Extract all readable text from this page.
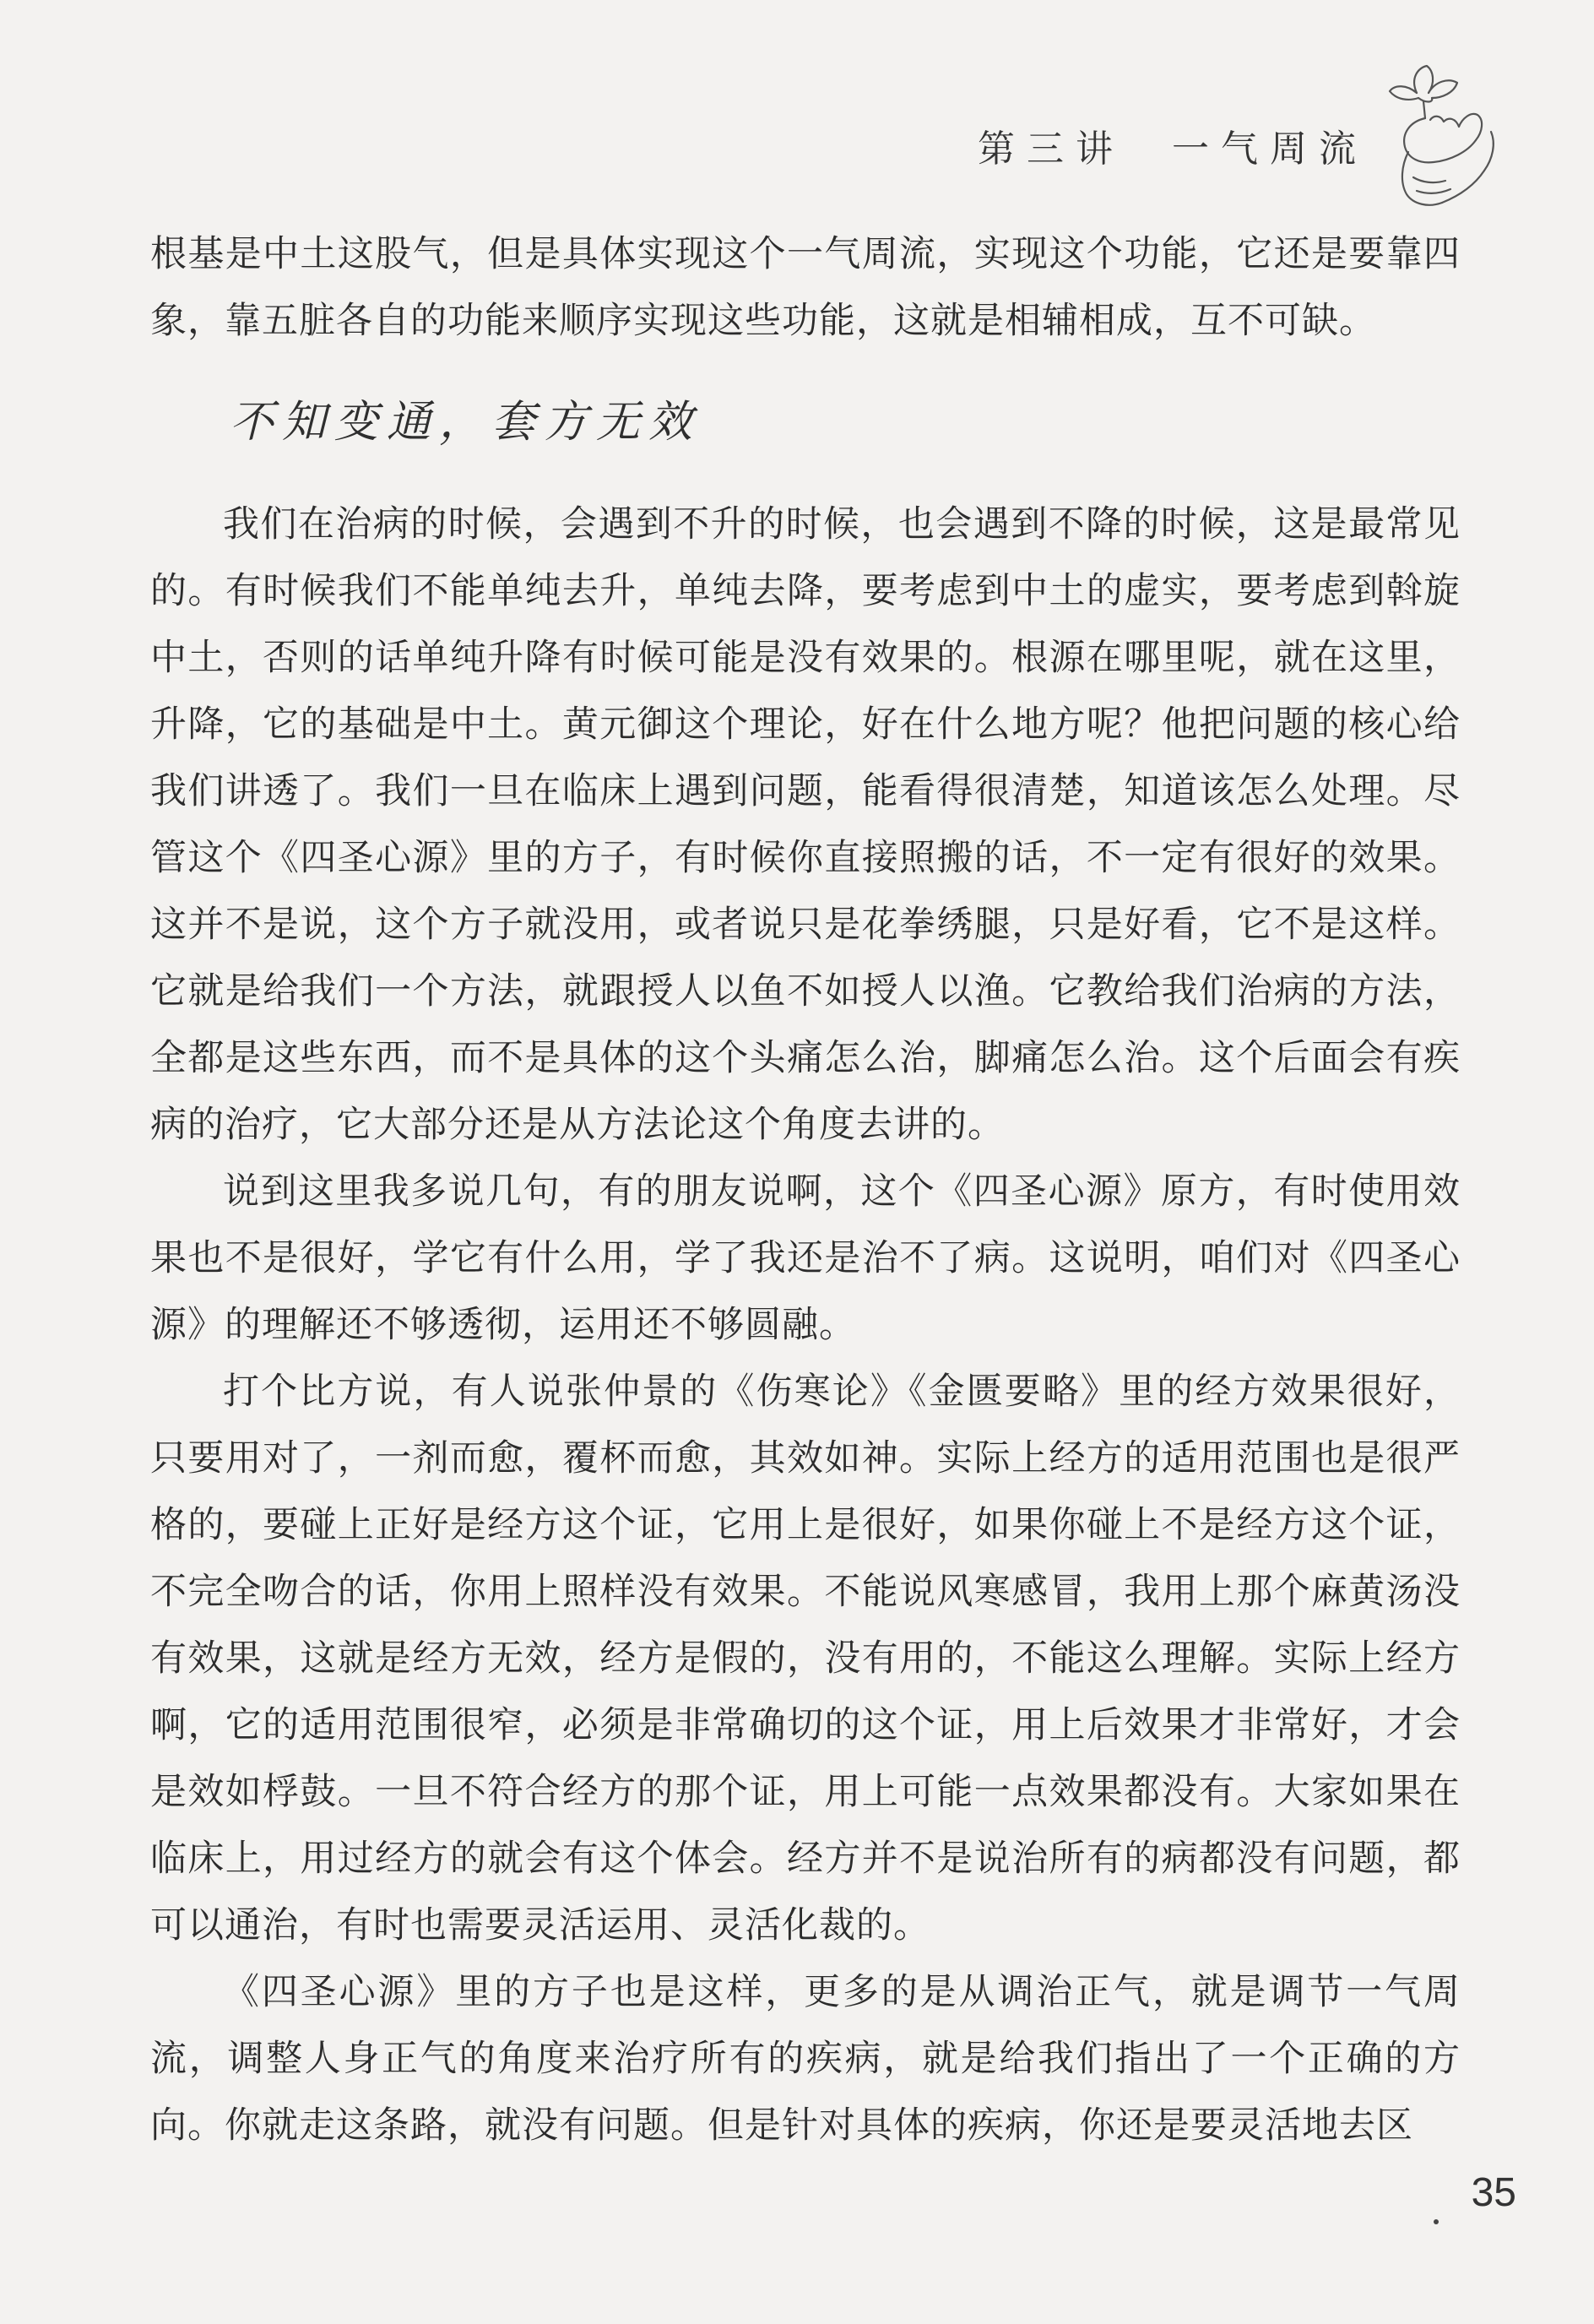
第三讲 一气周流

根基是中土这股气，但是具体实现这个一气周流，实现这个功能，它还是要靠四象，靠五脏各自的功能来顺序实现这些功能，这就是相辅相成，互不可缺。

不知变通，套方无效

我们在治病的时候，会遇到不升的时候，也会遇到不降的时候，这是最常见的。有时候我们不能单纯去升，单纯去降，要考虑到中土的虚实，要考虑到斡旋中土，否则的话单纯升降有时候可能是没有效果的。根源在哪里呢，就在这里，升降，它的基础是中土。黄元御这个理论，好在什么地方呢？他把问题的核心给我们讲透了。我们一旦在临床上遇到问题，能看得很清楚，知道该怎么处理。尽管这个《四圣心源》里的方子，有时候你直接照搬的话，不一定有很好的效果。这并不是说，这个方子就没用，或者说只是花拳绣腿，只是好看，它不是这样。它就是给我们一个方法，就跟授人以鱼不如授人以渔。它教给我们治病的方法，全都是这些东西，而不是具体的这个头痛怎么治，脚痛怎么治。这个后面会有疾病的治疗，它大部分还是从方法论这个角度去讲的。

说到这里我多说几句，有的朋友说啊，这个《四圣心源》原方，有时使用效果也不是很好，学它有什么用，学了我还是治不了病。这说明，咱们对《四圣心源》的理解还不够透彻，运用还不够圆融。

打个比方说，有人说张仲景的《伤寒论》《金匮要略》里的经方效果很好，只要用对了，一剂而愈，覆杯而愈，其效如神。实际上经方的适用范围也是很严格的，要碰上正好是经方这个证，它用上是很好，如果你碰上不是经方这个证，不完全吻合的话，你用上照样没有效果。不能说风寒感冒，我用上那个麻黄汤没有效果，这就是经方无效，经方是假的，没有用的，不能这么理解。实际上经方啊，它的适用范围很窄，必须是非常确切的这个证，用上后效果才非常好，才会是效如桴鼓。一旦不符合经方的那个证，用上可能一点效果都没有。大家如果在临床上，用过经方的就会有这个体会。经方并不是说治所有的病都没有问题，都可以通治，有时也需要灵活运用、灵活化裁的。

《四圣心源》里的方子也是这样，更多的是从调治正气，就是调节一气周流，调整人身正气的角度来治疗所有的疾病，就是给我们指出了一个正确的方向。你就走这条路，就没有问题。但是针对具体的疾病，你还是要灵活地去区

35
